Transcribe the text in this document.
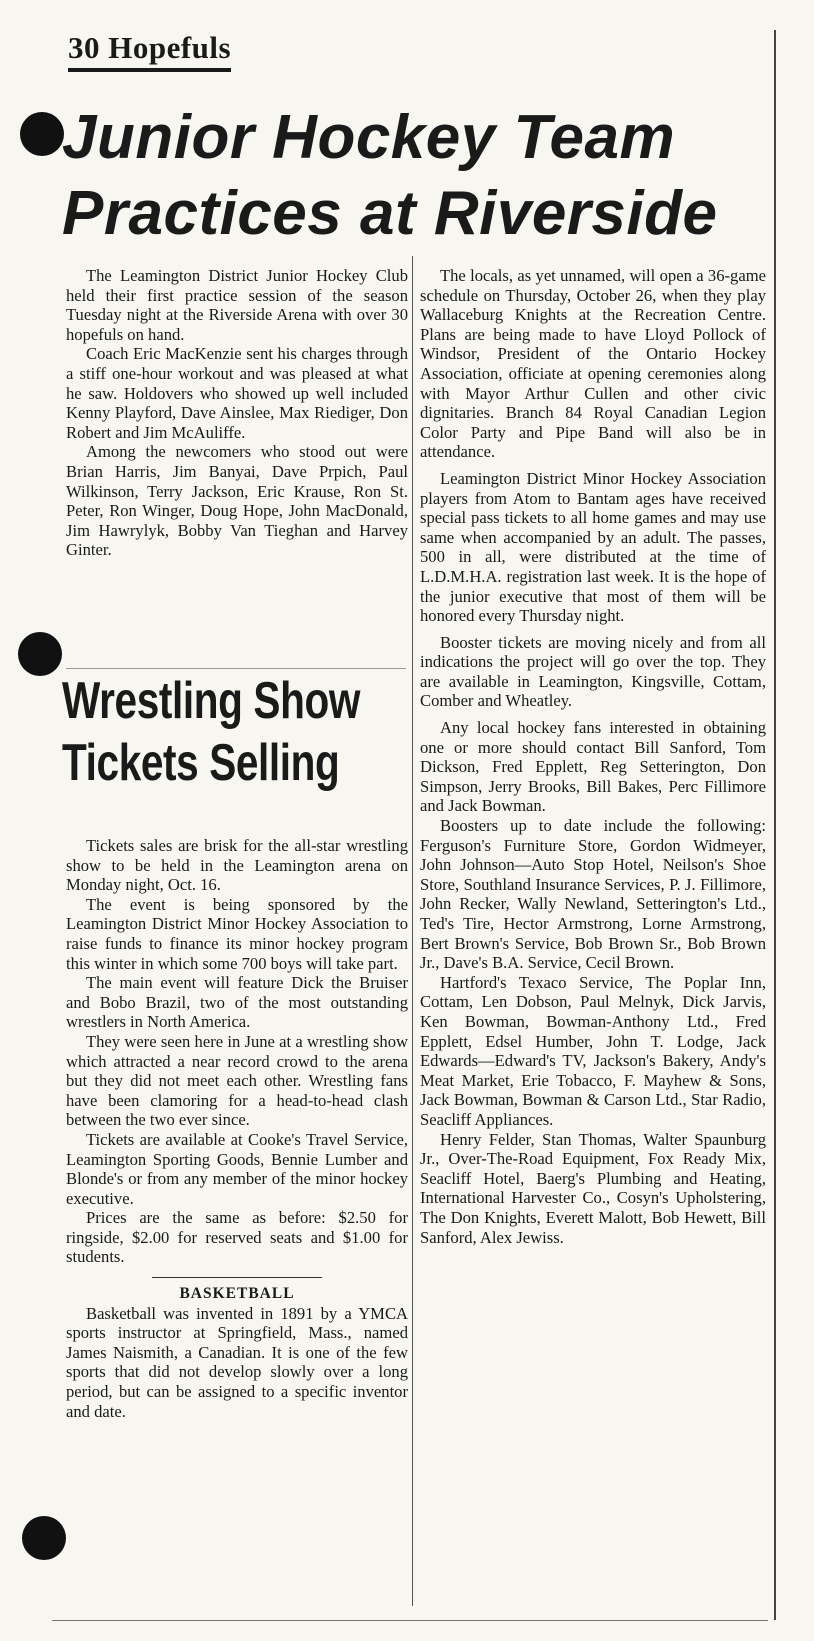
30 Hopefuls
Junior Hockey Team
Practices at Riverside

The Leamington District Junior Hockey Club held their first practice session of the season Tuesday night at the Riverside Arena with over 30 hopefuls on hand.

Coach Eric MacKenzie sent his charges through a stiff one-hour workout and was pleased at what he saw. Holdovers who showed up well included Kenny Playford, Dave Ainslee, Max Riediger, Don Robert and Jim McAuliffe.

Among the newcomers who stood out were Brian Harris, Jim Banyai, Dave Prpich, Paul Wilkinson, Terry Jackson, Eric Krause, Ron St. Peter, Ron Winger, Doug Hope, John MacDonald, Jim Hawrylyk, Bobby Van Tieghan and Harvey Ginter.

Wrestling Show
Tickets Selling

Tickets sales are brisk for the all-star wrestling show to be held in the Leamington arena on Monday night, Oct. 16.

The event is being sponsored by the Leamington District Minor Hockey Association to raise funds to finance its minor hockey program this winter in which some 700 boys will take part.

The main event will feature Dick the Bruiser and Bobo Brazil, two of the most outstanding wrestlers in North America.

They were seen here in June at a wrestling show which attracted a near record crowd to the arena but they did not meet each other. Wrestling fans have been clamoring for a head-to-head clash between the two ever since.

Tickets are available at Cooke's Travel Service, Leamington Sporting Goods, Bennie Lumber and Blonde's or from any member of the minor hockey executive.

Prices are the same as before: $2.50 for ringside, $2.00 for reserved seats and $1.00 for students.

BASKETBALL

Basketball was invented in 1891 by a YMCA sports instructor at Springfield, Mass., named James Naismith, a Canadian. It is one of the few sports that did not develop slowly over a long period, but can be assigned to a specific inventor and date.

The locals, as yet unnamed, will open a 36-game schedule on Thursday, October 26, when they play Wallaceburg Knights at the Recreation Centre. Plans are being made to have Lloyd Pollock of Windsor, President of the Ontario Hockey Association, officiate at opening ceremonies along with Mayor Arthur Cullen and other civic dignitaries. Branch 84 Royal Canadian Legion Color Party and Pipe Band will also be in attendance.

Leamington District Minor Hockey Association players from Atom to Bantam ages have received special pass tickets to all home games and may use same when accompanied by an adult. The passes, 500 in all, were distributed at the time of L.D.M.H.A. registration last week. It is the hope of the junior executive that most of them will be honored every Thursday night.

Booster tickets are moving nicely and from all indications the project will go over the top. They are available in Leamington, Kingsville, Cottam, Comber and Wheatley.

Any local hockey fans interested in obtaining one or more should contact Bill Sanford, Tom Dickson, Fred Epplett, Reg Setterington, Don Simpson, Jerry Brooks, Bill Bakes, Perc Fillimore and Jack Bowman.

Boosters up to date include the following: Ferguson's Furniture Store, Gordon Widmeyer, John Johnson—Auto Stop Hotel, Neilson's Shoe Store, Southland Insurance Services, P. J. Fillimore, John Recker, Wally Newland, Setterington's Ltd., Ted's Tire, Hector Armstrong, Lorne Armstrong, Bert Brown's Service, Bob Brown Sr., Bob Brown Jr., Dave's B.A. Service, Cecil Brown.

Hartford's Texaco Service, The Poplar Inn, Cottam, Len Dobson, Paul Melnyk, Dick Jarvis, Ken Bowman, Bowman-Anthony Ltd., Fred Epplett, Edsel Humber, John T. Lodge, Jack Edwards—Edward's TV, Jackson's Bakery, Andy's Meat Market, Erie Tobacco, F. Mayhew & Sons, Jack Bowman, Bowman & Carson Ltd., Star Radio, Seacliff Appliances.

Henry Felder, Stan Thomas, Walter Spaunburg Jr., Over-The-Road Equipment, Fox Ready Mix, Seacliff Hotel, Baerg's Plumbing and Heating, International Harvester Co., Cosyn's Upholstering, The Don Knights, Everett Malott, Bob Hewett, Bill Sanford, Alex Jewiss.
